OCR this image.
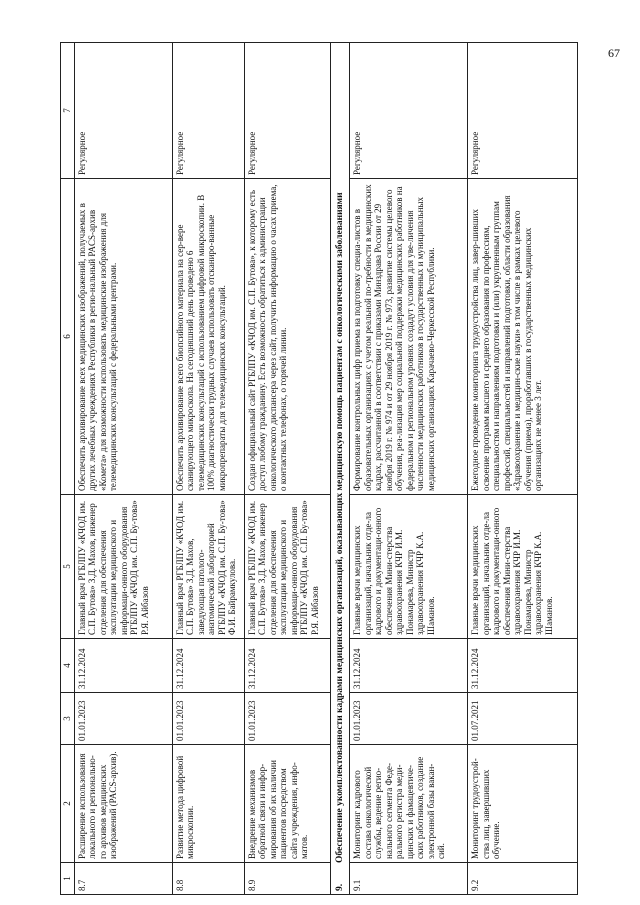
67
1	2	3	4	5	6	7
8.7	Расширение использования локального и регионально-го архивов медицинских изображений (PACS-архив).	01.01.2023	31.12.2024	Главный врач РГБЛПУ «КЧОД им. С.П. Бутова» З.Д. Махов, инженер отделения для обеспечения эксплуатации медицинского и информаци-онного оборудования РГБЛПУ «КЧОД им. С.П. Бу-това» Р.Я. Айбазов	Обеспечить архивирование всех медицинских изображений, получаемых в других лечебных учреждениях Республики в регио-нальный PACS-архив «Комета» для возможности использовать медицинские изображения для телемедицинских консультаций с федеральными центрами.	Регулярное
8.8	Развитие метода цифровой микроскопии.	01.01.2023	31.12.2024	Главный врач РГБЛПУ «КЧОД им. С.П. Бутова» З.Д. Махов, заведующая патолого-анатомической лабораторией РГБЛПУ «КЧОД им. С.П. Бу-това» Ф.И. Байрамкулова.	Обеспечить архивирование всего биопсийного материала на сер-вере сканирующего микроскопа. На сегодняшний день проведено 6 телемедицинских консультаций с использованием цифровой микроскопии. В 100% диагностически трудных случаев использовать отсканиро-ванные микропрепараты для телемедицинских консультаций.	Регулярное
8.9	Внедрение механизмов обратной связи и инфор-мирования об их наличии пациентов посредством сайта учреждения, инфо-матов.	01.01.2023	31.12.2024	Главный врач РГБЛПУ «КЧОД им. С.П. Бутова» З.Д. Махов, инженер отделения для обеспечения эксплуатации медицинского и информаци-онного оборудования РГБЛПУ «КЧОД им. С.П. Бу-това» Р.Я. Айбазов	Создан официальный сайт РГБЛПУ «КЧОД им. С.П. Бутова», к которому есть доступ любому гражданину. Есть возможность обратиться к администрации онкологического диспансера через сайт, получить информацию о часах приема, о контактных телефонах, о горячей линии.	Регулярное
9.Обеспечение укомплектованности кадрами медицинских организаций, оказывающих медицинскую помощь пациентам с онкологическими заболеваниями						
9.1	Мониторинг кадрового состава онкологической службы, ведение регио-нального сегмента Феде-рального регистра меди-цинских и фамацевтиче-ских работников, создание электронной базы вакан-сий.	01.01.2023	31.12.2024	Главные врачи медицинских организаций, начальник отде-ла кадрового и документаци-онного обеспечения Мини-стерства здравоохранения КЧР И.М. Понамарева, Министр здравоохранения КЧР К.А. Шаманов.	Формирование контрольных цифр приема на подготовку специа-листов в образовательных организациях с учетом реальной по-требности в медицинских кадрах, рассчитанной в соответствии с приказами Минздрава России от 29 ноября 2019 г. № 974 и от 29 ноября 2019 г. № 973, развитие системы целевого обучения, реа-лизация мер социальной поддержки медицинских работников на федеральном и региональном уровнях создадут условия для уве-личения численности медицинских работников в государственных и муниципальных медицинских организациях Карачаево-Черкесской Республики.	Регулярное
9.2	Мониторинг трудоустрой-ства лиц, завершивших обучение.	01.07.2021	31.12.2024	Главные врачи медицинских организаций, начальник отде-ла кадрового и документаци-онного обеспечения Мини-стерства здравоохранения КЧР И.М. Понамарева, Министр здравоохранения КЧР К.А. Шаманов.	Ежегодное проведение мониторинга трудоустройства лиц, завер-шивших освоение программ высшего и среднего образования по профессиям, специальностям и направлениям подготовки и (или) укрупненным группам профессий, специальностей и направлений подготовки, области образования «Здравоохранение и медицин-ские науки» в том числе в рамках целевого обучения (приема), проработавших в государственных медицинских организациях не менее 3 лет.	Регулярное
